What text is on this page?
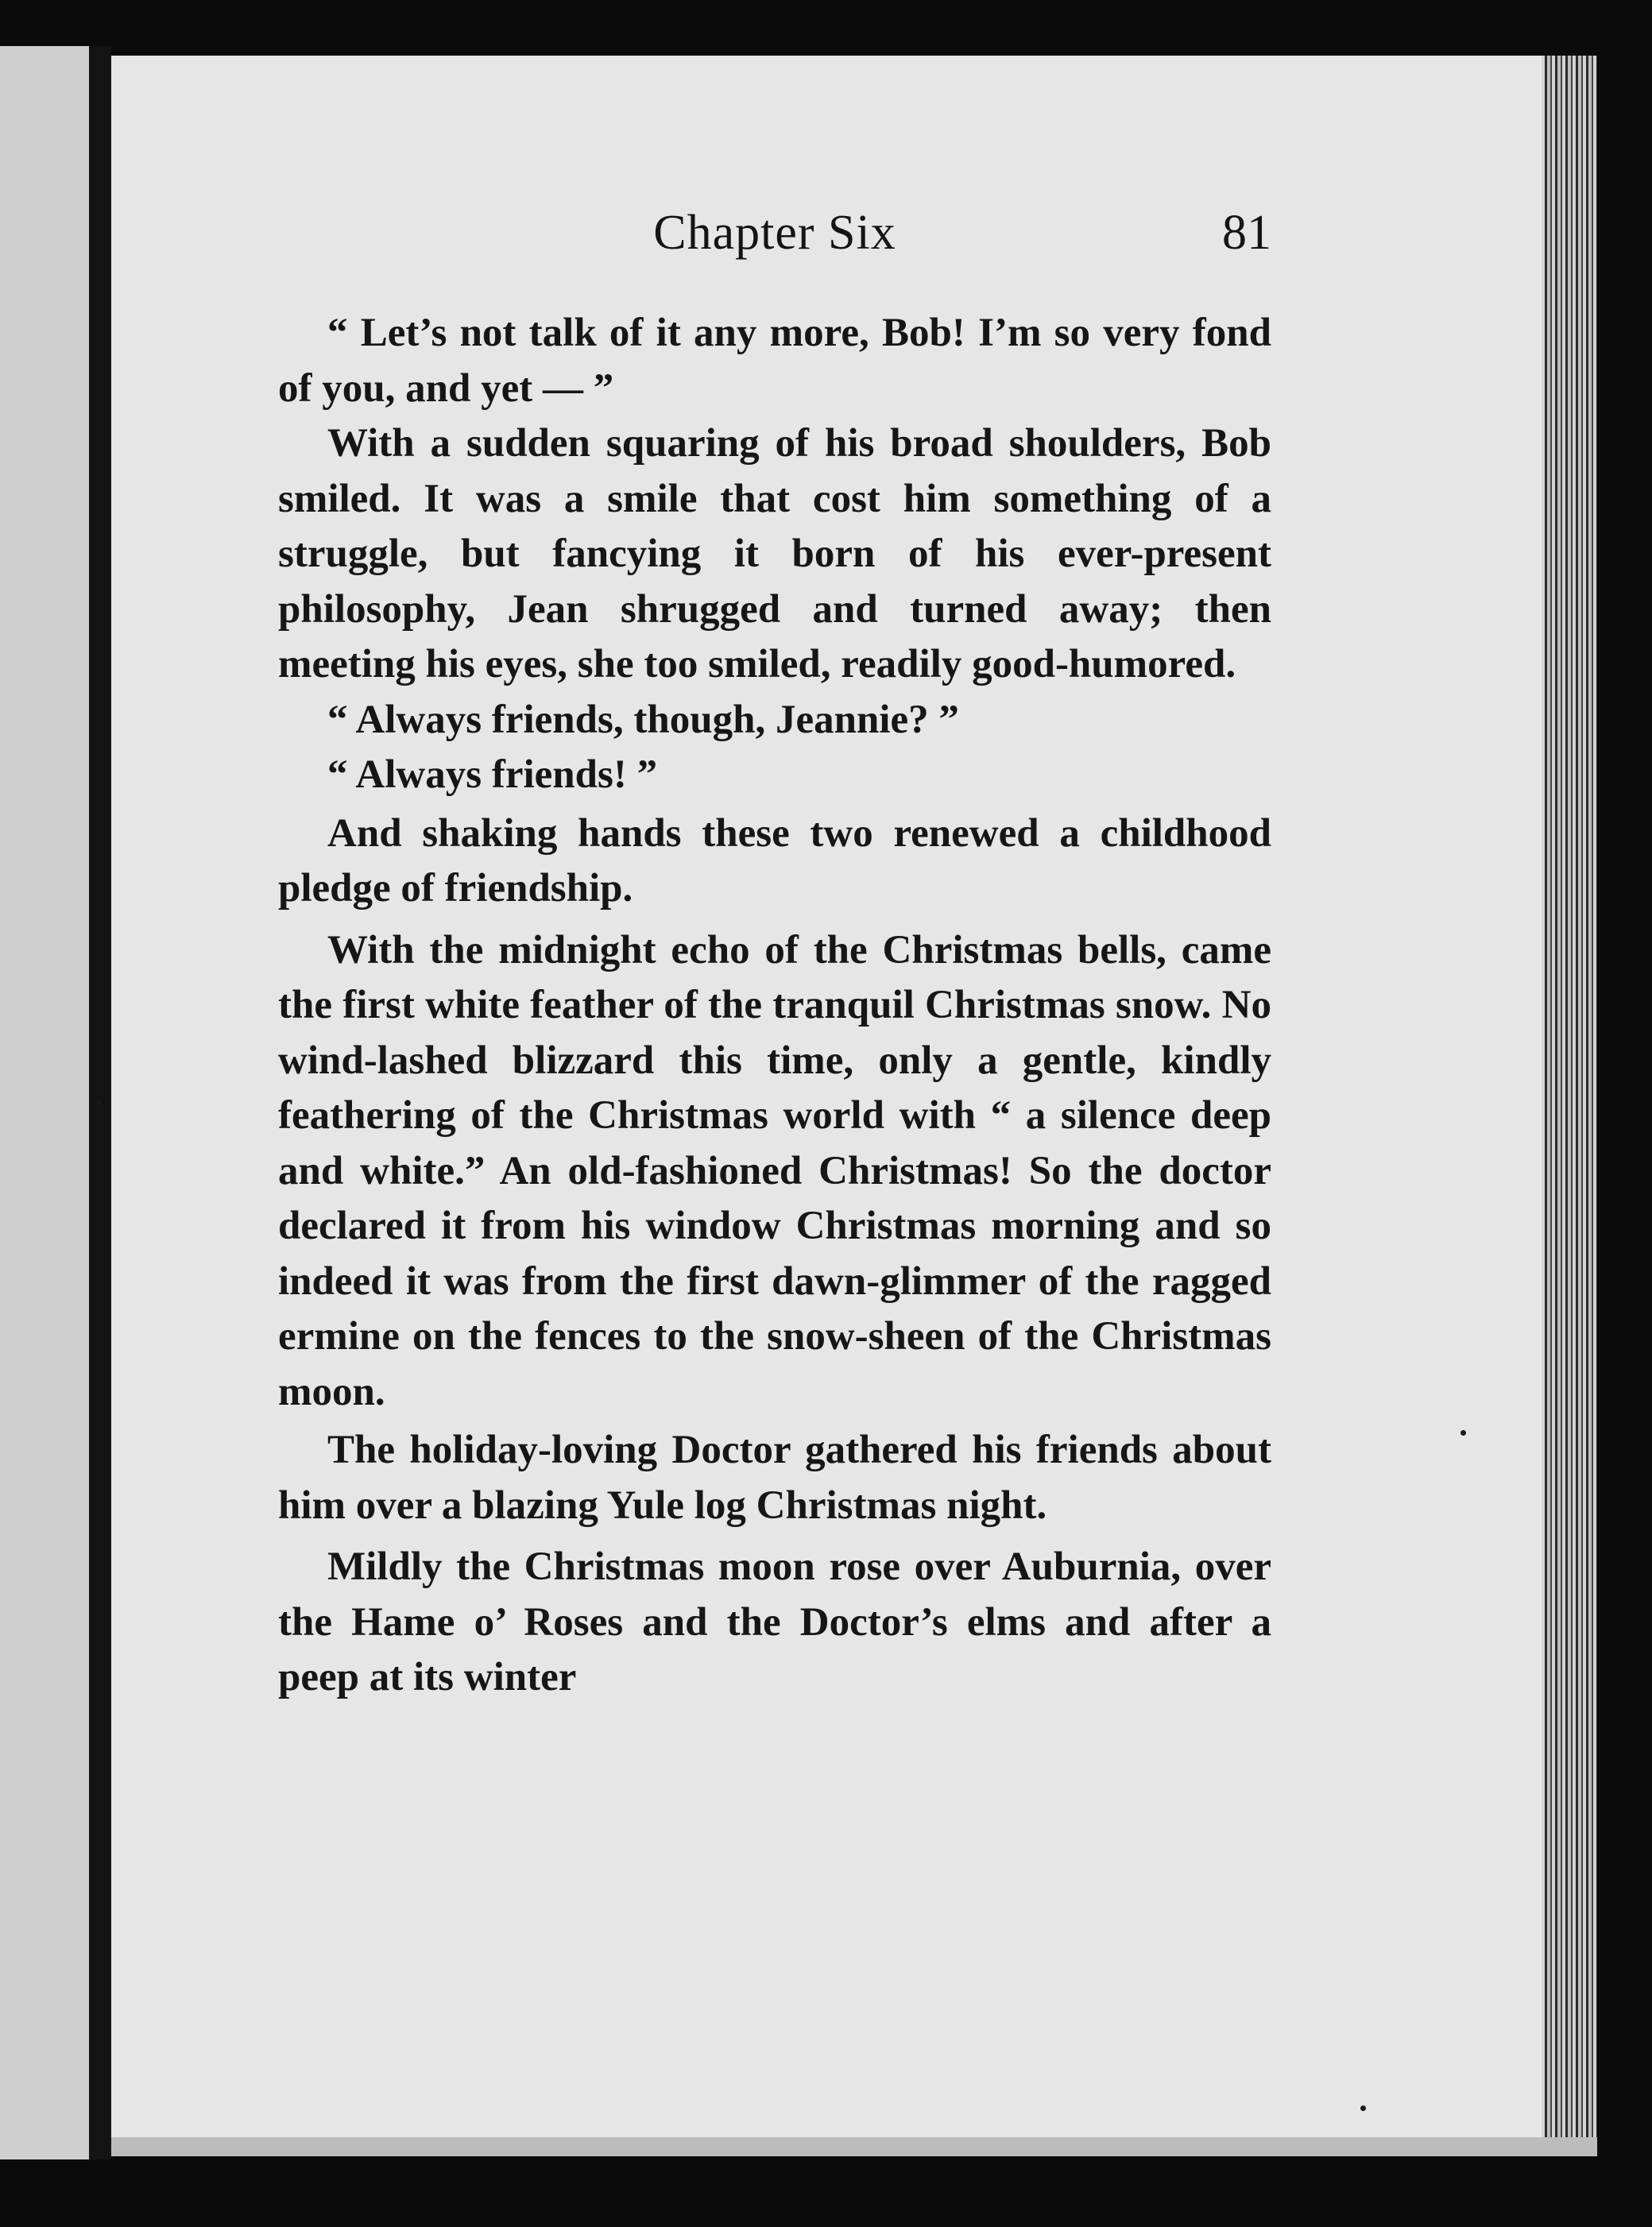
Chapter Six	81

“ Let’s not talk of it any more, Bob! I’m so very fond of you, and yet — ”

With a sudden squaring of his broad shoulders, Bob smiled. It was a smile that cost him something of a struggle, but fancying it born of his ever-present philosophy, Jean shrugged and turned away; then meeting his eyes, she too smiled, readily good-humored.

“ Always friends, though, Jeannie? ”

“ Always friends! ”

And shaking hands these two renewed a childhood pledge of friendship.

With the midnight echo of the Christmas bells, came the first white feather of the tranquil Christmas snow. No wind-lashed blizzard this time, only a gentle, kindly feathering of the Christmas world with “ a silence deep and white.” An old-fashioned Christmas! So the doctor declared it from his window Christmas morning and so indeed it was from the first dawn-glimmer of the ragged ermine on the fences to the snow-sheen of the Christmas moon.

The holiday-loving Doctor gathered his friends about him over a blazing Yule log Christmas night.

Mildly the Christmas moon rose over Auburnia, over the Hame o’ Roses and the Doctor’s elms and after a peep at its winter
